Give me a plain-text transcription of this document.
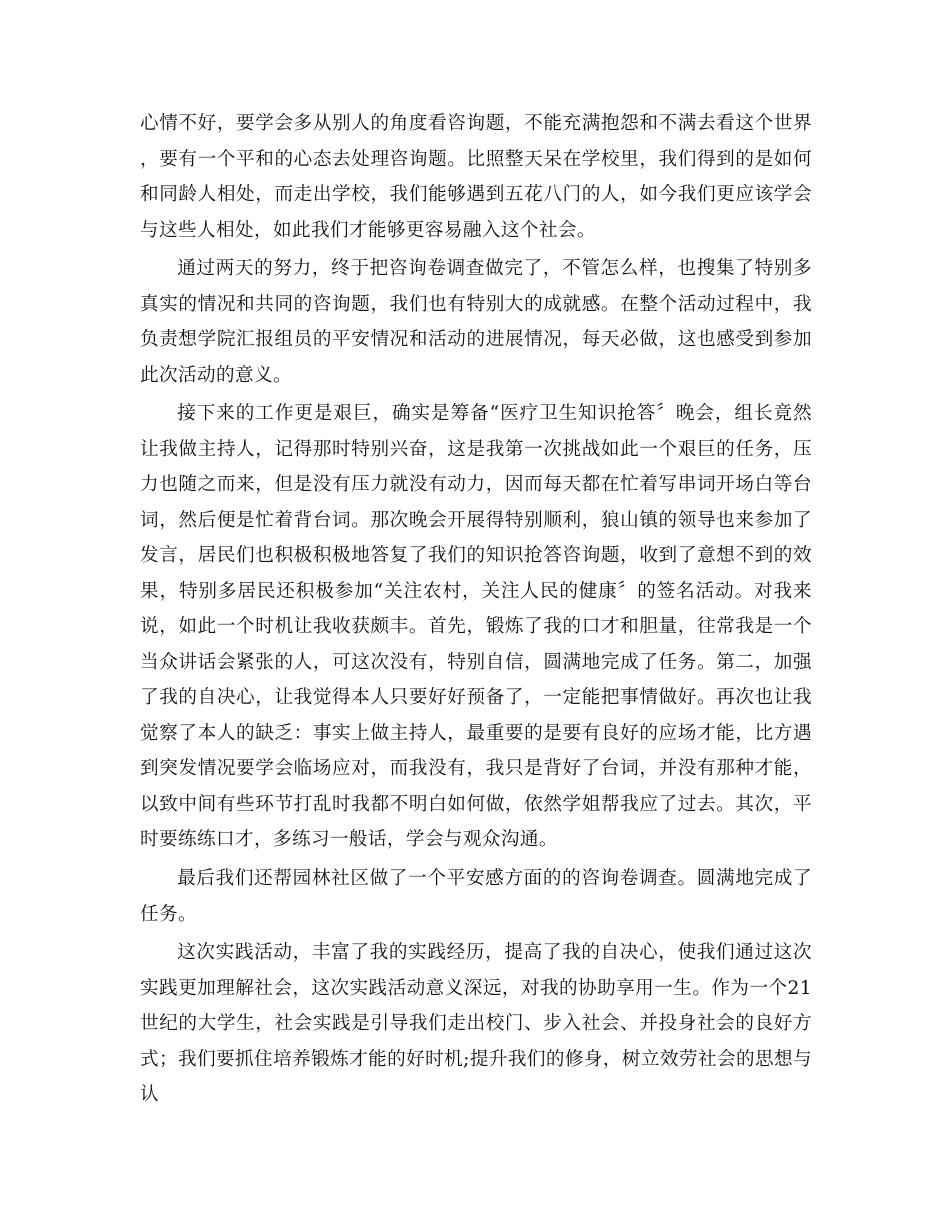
心情不好，要学会多从别人的角度看咨询题，不能充满抱怨和不满去看这个世界，要有一个平和的心态去处理咨询题。比照整天呆在学校里，我们得到的是如何和同龄人相处，而走出学校，我们能够遇到五花八门的人，如今我们更应该学会与这些人相处，如此我们才能够更容易融入这个社会。

通过两天的努力，终于把咨询卷调查做完了，不管怎么样，也搜集了特别多真实的情况和共同的咨询题，我们也有特别大的成就感。在整个活动过程中，我负责想学院汇报组员的平安情况和活动的进展情况，每天必做，这也感受到参加此次活动的意义。

接下来的工作更是艰巨，确实是筹备“医疗卫生知识抢答〞晚会，组长竟然让我做主持人，记得那时特别兴奋，这是我第一次挑战如此一个艰巨的任务，压力也随之而来，但是没有压力就没有动力，因而每天都在忙着写串词开场白等台词，然后便是忙着背台词。那次晚会开展得特别顺利，狼山镇的领导也来参加了发言，居民们也积极积极地答复了我们的知识抢答咨询题，收到了意想不到的效果，特别多居民还积极参加“关注农村，关注人民的健康〞的签名活动。对我来说，如此一个时机让我收获颇丰。首先，锻炼了我的口才和胆量，往常我是一个当众讲话会紧张的人，可这次没有，特别自信，圆满地完成了任务。第二，加强了我的自决心，让我觉得本人只要好好预备了，一定能把事情做好。再次也让我觉察了本人的缺乏：事实上做主持人，最重要的是要有良好的应场才能，比方遇到突发情况要学会临场应对，而我没有，我只是背好了台词，并没有那种才能，以致中间有些环节打乱时我都不明白如何做，依然学姐帮我应了过去。其次，平时要练练口才，多练习一般话，学会与观众沟通。

最后我们还帮园林社区做了一个平安感方面的的咨询卷调查。圆满地完成了任务。

这次实践活动，丰富了我的实践经历，提高了我的自决心，使我们通过这次实践更加理解社会，这次实践活动意义深远，对我的协助享用一生。作为一个21世纪的大学生，社会实践是引导我们走出校门、步入社会、并投身社会的良好方式；我们要抓住培养锻炼才能的好时机;提升我们的修身，树立效劳社会的思想与认
